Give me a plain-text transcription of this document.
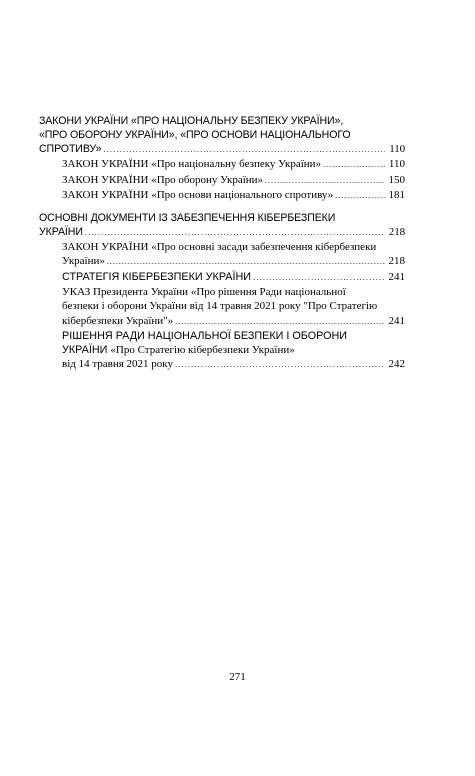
ЗАКОНИ УКРАЇНИ «ПРО НАЦІОНАЛЬНУ БЕЗПЕКУ УКРАЇНИ»,
«ПРО ОБОРОНУ УКРАЇНИ», «ПРО ОСНОВИ НАЦІОНАЛЬНОГО
СПРОТИВУ» .....	110
ЗАКОН УКРАЇНИ «Про національну безпеку України» .....	110
ЗАКОН УКРАЇНИ «Про оборону України» .....	150
ЗАКОН УКРАЇНИ «Про основи національного спротиву» .....	181
ОСНОВНІ ДОКУМЕНТИ ІЗ ЗАБЕЗПЕЧЕННЯ КІБЕРБЕЗПЕКИ
УКРАЇНИ .....	218
ЗАКОН УКРАЇНИ «Про основні засади забезпечення кібербезпеки
України» .....	218
СТРАТЕГІЯ КІБЕРБЕЗПЕКИ УКРАЇНИ .....	241
УКАЗ Президента України «Про рішення Ради національної
безпеки і оборони України від 14 травня 2021 року "Про Стратегію
кібербезпеки України"» .....	241
РІШЕННЯ РАДИ НАЦІОНАЛЬНОЇ БЕЗПЕКИ І ОБОРОНИ
УКРАЇНИ «Про Стратегію кібербезпеки України»
від 14 травня 2021 року .....	242
271
